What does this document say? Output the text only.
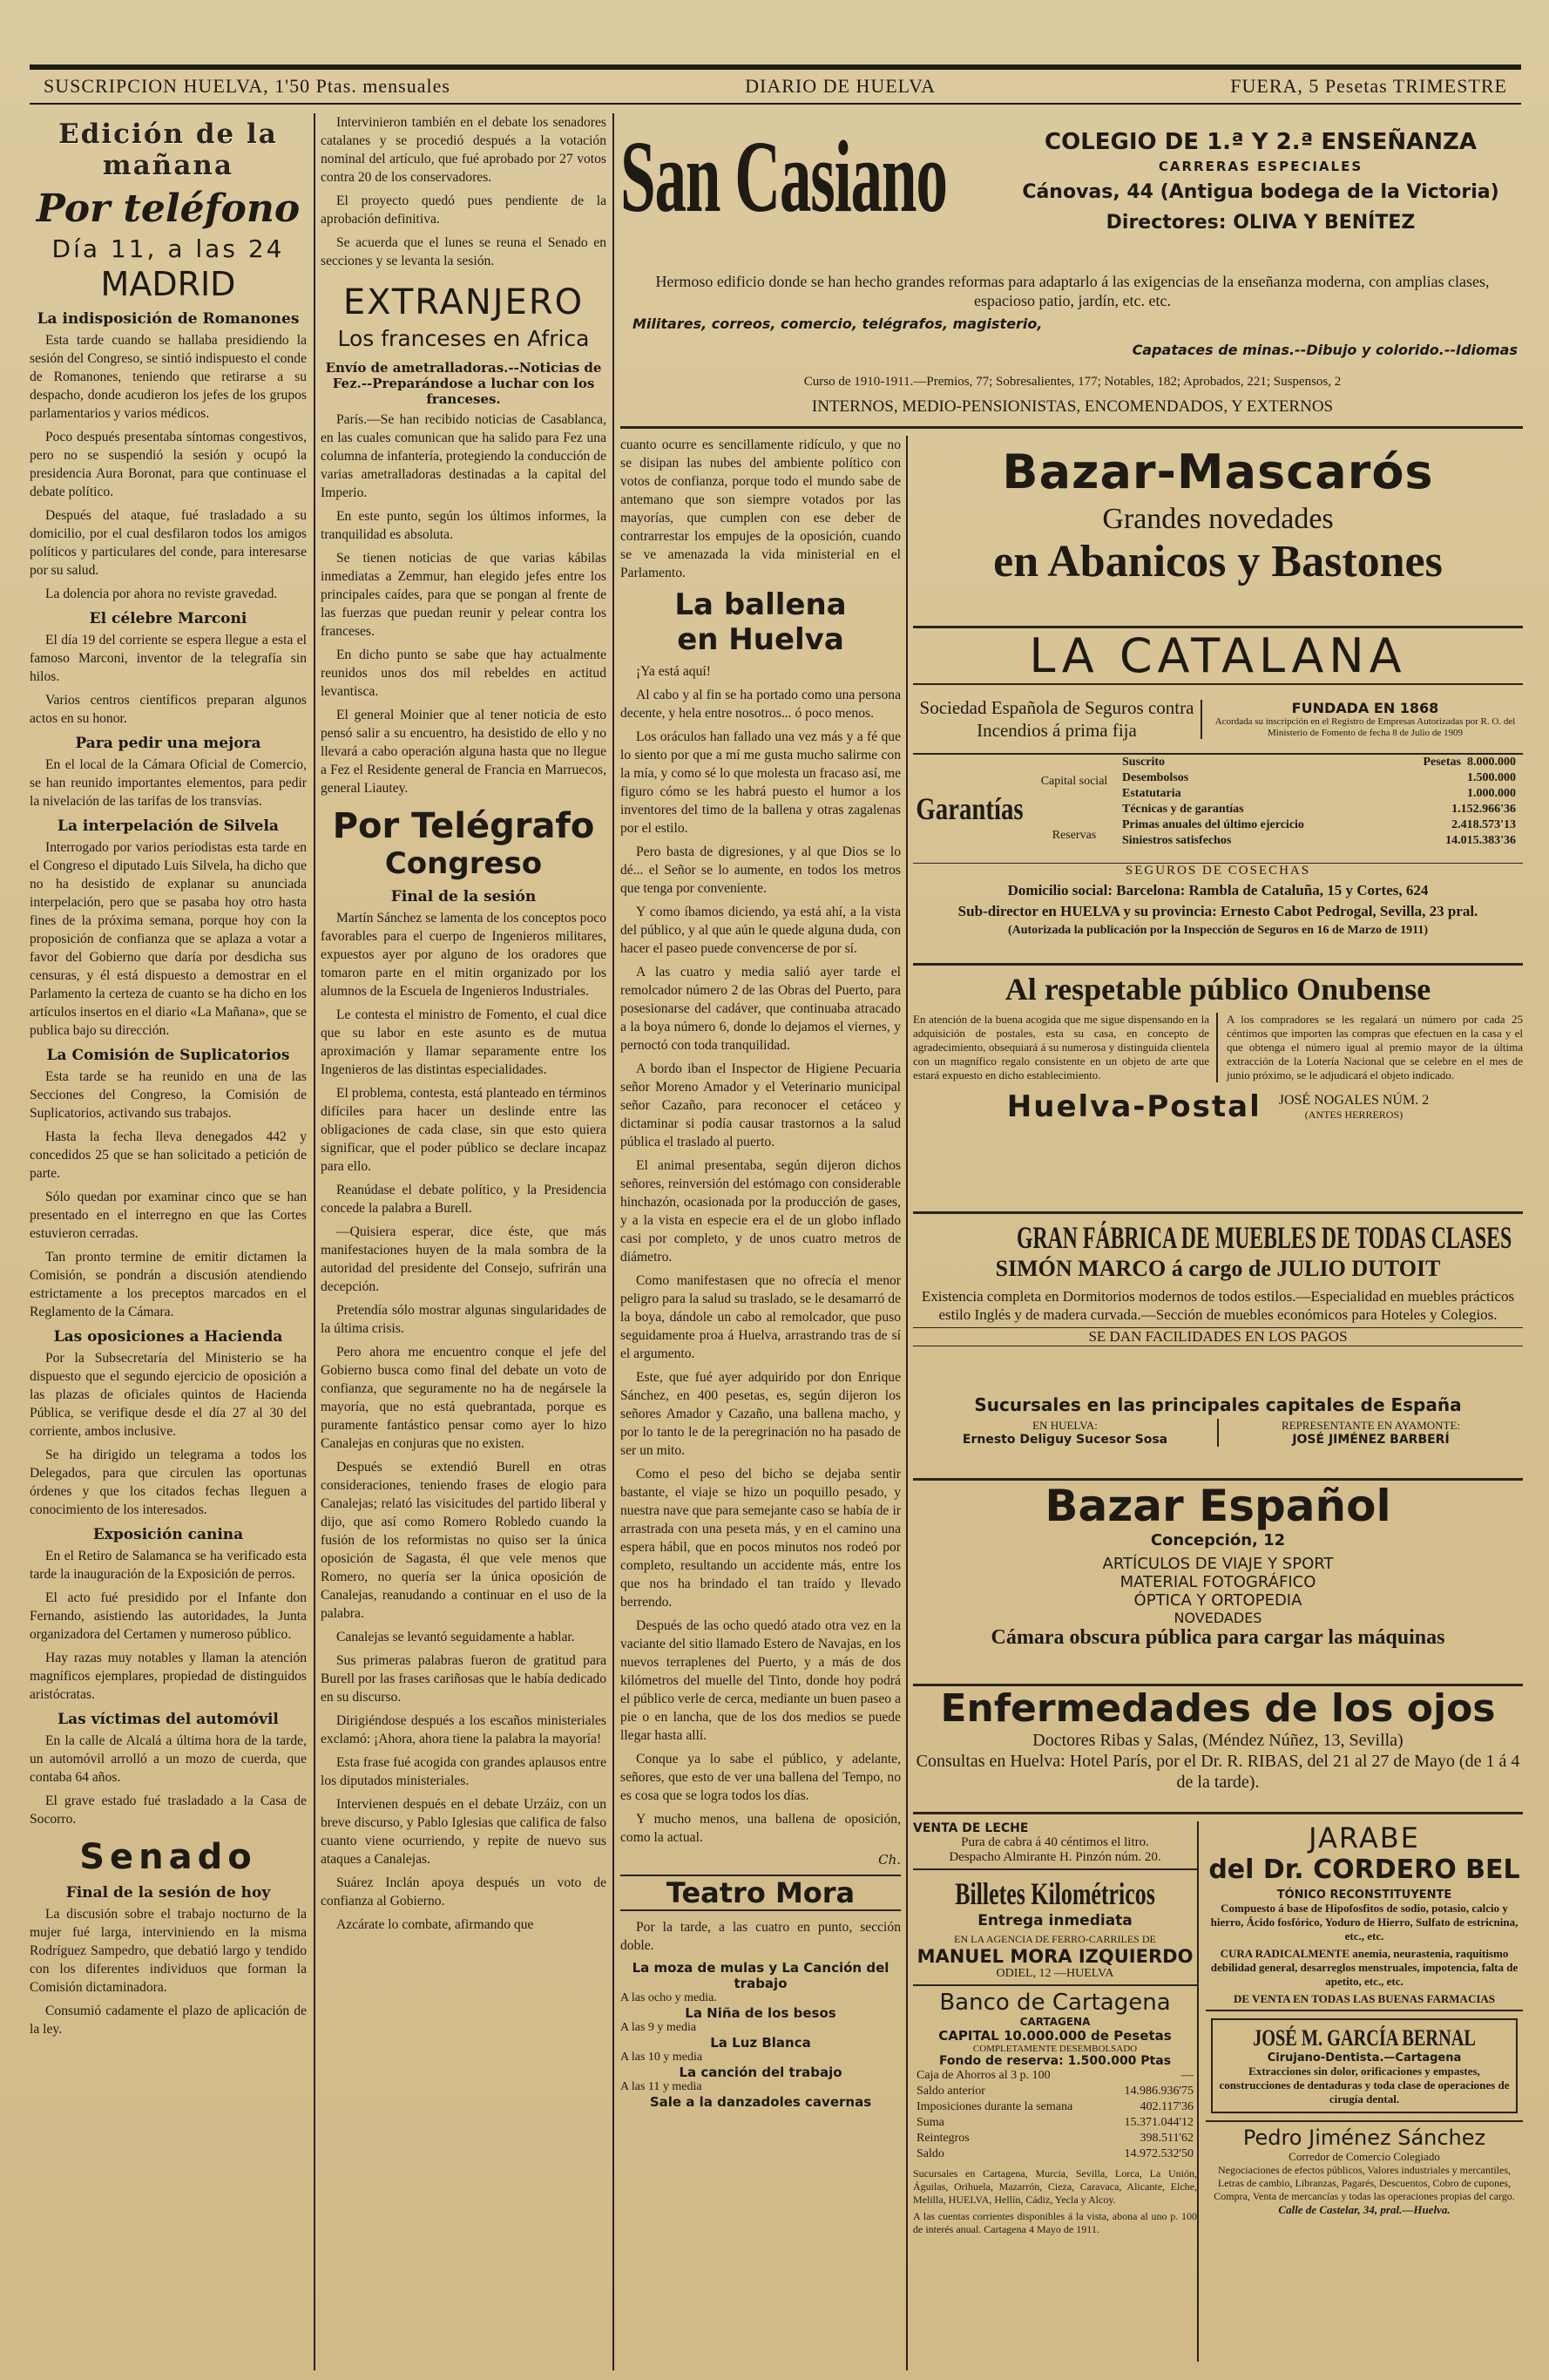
SUSCRIPCION HUELVA, 1'50 Ptas. mensuales	DIARIO DE HUELVA	FUERA, 5 Pesetas TRIMESTRE
Edición de la mañana
Por teléfono
Día 11, a las 24
MADRID
La indisposición de Romanones

Esta tarde cuando se hallaba presidiendo la sesión del Congreso, se sintió indispuesto el conde de Romanones, teniendo que retirarse a su despacho, donde acudieron los jefes de los grupos parlamentarios y varios médicos.

Poco después presentaba síntomas congestivos, pero no se suspendió la sesión y ocupó la presidencia Aura Boronat, para que continuase el debate político.

Después del ataque, fué trasladado a su domicilio, por el cual desfilaron todos los amigos políticos y particulares del conde, para interesarse por su salud.

La dolencia por ahora no reviste gravedad.

El célebre Marconi

El día 19 del corriente se espera llegue a esta el famoso Marconi, inventor de la telegrafía sin hilos.

Varios centros científicos preparan algunos actos en su honor.

Para pedir una mejora

En el local de la Cámara Oficial de Comercio, se han reunido importantes elementos, para pedir la nivelación de las tarifas de los transvías.

La interpelación de Silvela

Interrogado por varios periodistas esta tarde en el Congreso el diputado Luis Silvela, ha dicho que no ha desistido de explanar su anunciada interpelación, pero que se pasaba hoy otro hasta fines de la próxima semana, porque hoy con la proposición de confianza que se aplaza a votar a favor del Gobierno que daría por desdicha sus censuras, y él está dispuesto a demostrar en el Parlamento la certeza de cuanto se ha dicho en los artículos insertos en el diario «La Mañana», que se publica bajo su dirección.

La Comisión de Suplicatorios

Esta tarde se ha reunido en una de las Secciones del Congreso, la Comisión de Suplicatorios, activando sus trabajos.

Hasta la fecha lleva denegados 442 y concedidos 25 que se han solicitado a petición de parte.

Sólo quedan por examinar cinco que se han presentado en el interregno en que las Cortes estuvieron cerradas.

Tan pronto termine de emitir dictamen la Comisión, se pondrán a discusión atendiendo estrictamente a los preceptos marcados en el Reglamento de la Cámara.

Las oposiciones a Hacienda

Por la Subsecretaría del Ministerio se ha dispuesto que el segundo ejercicio de oposición a las plazas de oficiales quintos de Hacienda Pública, se verifique desde el día 27 al 30 del corriente, ambos inclusive.

Se ha dirigido un telegrama a todos los Delegados, para que circulen las oportunas órdenes y que los citados fechas lleguen a conocimiento de los interesados.

Exposición canina

En el Retiro de Salamanca se ha verificado esta tarde la inauguración de la Exposición de perros.

El acto fué presidido por el Infante don Fernando, asistiendo las autoridades, la Junta organizadora del Certamen y numeroso público.

Hay razas muy notables y llaman la atención magníficos ejemplares, propiedad de distinguidos aristócratas.

Las víctimas del automóvil

En la calle de Alcalá a última hora de la tarde, un automóvil arrolló a un mozo de cuerda, que contaba 64 años.

El grave estado fué trasladado a la Casa de Socorro.

Senado
Final de la sesión de hoy

La discusión sobre el trabajo nocturno de la mujer fué larga, interviniendo en la misma Rodríguez Sampedro, que debatió largo y tendido con los diferentes individuos que forman la Comisión dictaminadora.

Consumió cadamente el plazo de aplicación de la ley.

Intervinieron también en el debate los senadores catalanes y se procedió después a la votación nominal del artículo, que fué aprobado por 27 votos contra 20 de los conservadores.

El proyecto quedó pues pendiente de la aprobación definitiva.

Se acuerda que el lunes se reuna el Senado en secciones y se levanta la sesión.

EXTRANJERO
Los franceses en Africa
Envío de ametralladoras.--Noticias de Fez.--Preparándose a luchar con los franceses.

París.—Se han recibido noticias de Casablanca, en las cuales comunican que ha salido para Fez una columna de infantería, protegiendo la conducción de varias ametralladoras destinadas a la capital del Imperio.

En este punto, según los últimos informes, la tranquilidad es absoluta.

Se tienen noticias de que varias kábilas inmediatas a Zemmur, han elegido jefes entre los principales caídes, para que se pongan al frente de las fuerzas que puedan reunir y pelear contra los franceses.

En dicho punto se sabe que hay actualmente reunidos unos dos mil rebeldes en actitud levantisca.

El general Moinier que al tener noticia de esto pensó salir a su encuentro, ha desistido de ello y no llevará a cabo operación alguna hasta que no llegue a Fez el Residente general de Francia en Marruecos, general Liautey.

Por Telégrafo
Congreso
Final de la sesión

Martín Sánchez se lamenta de los conceptos poco favorables para el cuerpo de Ingenieros militares, expuestos ayer por alguno de los oradores que tomaron parte en el mitin organizado por los alumnos de la Escuela de Ingenieros Industriales.

Le contesta el ministro de Fomento, el cual dice que su labor en este asunto es de mutua aproximación y llamar separamente entre los Ingenieros de las distintas especialidades.

El problema, contesta, está planteado en términos difíciles para hacer un deslinde entre las obligaciones de cada clase, sin que esto quiera significar, que el poder público se declare incapaz para ello.

Reanúdase el debate político, y la Presidencia concede la palabra a Burell.

—Quisiera esperar, dice éste, que más manifestaciones huyen de la mala sombra de la autoridad del presidente del Consejo, sufrirán una decepción.

Pretendía sólo mostrar algunas singularidades de la última crisis.

Pero ahora me encuentro conque el jefe del Gobierno busca como final del debate un voto de confianza, que seguramente no ha de negársele la mayoría, que no está quebrantada, porque es puramente fantástico pensar como ayer lo hizo Canalejas en conjuras que no existen.

Después se extendió Burell en otras consideraciones, teniendo frases de elogio para Canalejas; relató las visicitudes del partido liberal y dijo, que así como Romero Robledo cuando la fusión de los reformistas no quiso ser la única oposición de Sagasta, él que vele menos que Romero, no quería ser la única oposición de Canalejas, reanudando a continuar en el uso de la palabra.

Canalejas se levantó seguidamente a hablar.

Sus primeras palabras fueron de gratitud para Burell por las frases cariñosas que le había dedicado en su discurso.

Dirigiéndose después a los escaños ministeriales exclamó: ¡Ahora, ahora tiene la palabra la mayoría!

Esta frase fué acogida con grandes aplausos entre los diputados ministeriales.

Intervienen después en el debate Urzáiz, con un breve discurso, y Pablo Iglesias que califica de falso cuanto viene ocurriendo, y repite de nuevo sus ataques a Canalejas.

Suárez Inclán apoya después un voto de confianza al Gobierno.

Azcárate lo combate, afirmando que

San Casiano	COLEGIO DE 1.ª Y 2.ª ENSEÑANZA
CARRERAS ESPECIALES
Cánovas, 44 (Antigua bodega de la Victoria)
Directores: OLIVA Y BENÍTEZ
Hermoso edificio donde se han hecho grandes reformas para adaptarlo á las exigencias de la enseñanza moderna, con amplias clases, espacioso patio, jardín, etc. etc.
Militares, correos, comercio, telégrafos, magisterio,
Capataces de minas.--Dibujo y colorido.--Idiomas
Curso de 1910-1911.—Premios, 77; Sobresalientes, 177; Notables, 182; Aprobados, 221; Suspensos, 2
INTERNOS, MEDIO-PENSIONISTAS, ENCOMENDADOS, Y EXTERNOS

cuanto ocurre es sencillamente ridículo, y que no se disipan las nubes del ambiente político con votos de confianza, porque todo el mundo sabe de antemano que son siempre votados por las mayorías, que cumplen con ese deber de contrarrestar los empujes de la oposición, cuando se ve amenazada la vida ministerial en el Parlamento.

La ballena
en Huelva

¡Ya está aquí!

Al cabo y al fin se ha portado como una persona decente, y hela entre nosotros... ó poco menos.

Los oráculos han fallado una vez más y a fé que lo siento por que a mí me gusta mucho salirme con la mía, y como sé lo que molesta un fracaso así, me figuro cómo se les habrá puesto el humor a los inventores del timo de la ballena y otras zagalenas por el estilo.

Pero basta de digresiones, y al que Dios se lo dé... el Señor se lo aumente, en todos los metros que tenga por conveniente.

Y como íbamos diciendo, ya está ahí, a la vista del público, y al que aún le quede alguna duda, con hacer el paseo puede convencerse de por sí.

A las cuatro y media salió ayer tarde el remolcador número 2 de las Obras del Puerto, para posesionarse del cadáver, que continuaba atracado a la boya número 6, donde lo dejamos el viernes, y pernoctó con toda tranquilidad.

A bordo iban el Inspector de Higiene Pecuaria señor Moreno Amador y el Veterinario municipal señor Cazaño, para reconocer el cetáceo y dictaminar si podía causar trastornos a la salud pública el traslado al puerto.

El animal presentaba, según dijeron dichos señores, reinversión del estómago con considerable hinchazón, ocasionada por la producción de gases, y a la vista en especie era el de un globo inflado casi por completo, y de unos cuatro metros de diámetro.

Como manifestasen que no ofrecía el menor peligro para la salud su traslado, se le desamarró de la boya, dándole un cabo al remolcador, que puso seguidamente proa á Huelva, arrastrando tras de sí el argumento.

Este, que fué ayer adquirido por don Enrique Sánchez, en 400 pesetas, es, según dijeron los señores Amador y Cazaño, una ballena macho, y por lo tanto le de la peregrinación no ha pasado de ser un mito.

Como el peso del bicho se dejaba sentir bastante, el viaje se hizo un poquillo pesado, y nuestra nave que para semejante caso se había de ir arrastrada con una peseta más, y en el camino una espera hábil, que en pocos minutos nos rodeó por completo, resultando un accidente más, entre los que nos ha brindado el tan traído y llevado berrendo.

Después de las ocho quedó atado otra vez en la vaciante del sitio llamado Estero de Navajas, en los nuevos terraplenes del Puerto, y a más de dos kilómetros del muelle del Tinto, donde hoy podrá el público verle de cerca, mediante un buen paseo a pie o en lancha, que de los dos medios se puede llegar hasta allí.

Conque ya lo sabe el público, y adelante, señores, que esto de ver una ballena del Tempo, no es cosa que se logra todos los días.

Y mucho menos, una ballena de oposición, como la actual.

Ch.
Teatro Mora

Por la tarde, a las cuatro en punto, sección doble.

La moza de mulas y La Canción del trabajo
A las ocho y media.
La Niña de los besos
A las 9 y media
La Luz Blanca
A las 10 y media
La canción del trabajo
A las 11 y media
Sale a la danzadoles cavernas
Bazar-Mascarós
Grandes novedades
en Abanicos y Bastones
LA CATALANA
Sociedad Española de Seguros contra Incendios á prima fija
FUNDADA EN 1868
Acordada su inscripción en el Registro de Empresas Autorizadas por R. O. del Ministerio de Fomento de fecha 8 de Julio de 1909
Garantías
Capital social
Reservas
Suscrito	Pesetas 8.000.000
Desembolsos	1.500.000
Estatutaria	1.000.000
Técnicas y de garantías	1.152.966'36
Primas anuales del último ejercicio	2.418.573'13
Siniestros satisfechos	14.015.383'36
SEGUROS DE COSECHAS
Domicilio social: Barcelona: Rambla de Cataluña, 15 y Cortes, 624
Sub-director en HUELVA y su provincia: Ernesto Cabot Pedrogal, Sevilla, 23 pral.
(Autorizada la publicación por la Inspección de Seguros en 16 de Marzo de 1911)
Al respetable público Onubense
En atención de la buena acogida que me sigue dispensando en la adquisición de postales, esta su casa, en concepto de agradecimiento, obsequiará á su numerosa y distinguida clientela con un magnífico regalo consistente en un objeto de arte que estará expuesto en dicho establecimiento.
A los compradores se les regalará un número por cada 25 céntimos que importen las compras que efectuen en la casa y el que obtenga el número igual al premio mayor de la última extracción de la Lotería Nacional que se celebre en el mes de junio próximo, se le adjudicará el objeto indicado.
Huelva-Postal JOSÉ NOGALES NÚM. 2
(ANTES HERREROS)
GRAN FÁBRICA DE MUEBLES DE TODAS CLASES
SIMÓN MARCO á cargo de JULIO DUTOIT
Existencia completa en Dormitorios modernos de todos estilos.—Especialidad en muebles prácticos estilo Inglés y de madera curvada.—Sección de muebles económicos para Hoteles y Colegios.
SE DAN FACILIDADES EN LOS PAGOS
Sucursales en las principales capitales de España
EN HUELVA:
Ernesto Deliguy Sucesor Sosa
REPRESENTANTE EN AYAMONTE:
JOSÉ JIMÉNEZ BARBERÍ
Bazar Español
Concepción, 12
ARTÍCULOS DE VIAJE Y SPORT
MATERIAL FOTOGRÁFICO
ÓPTICA Y ORTOPEDIA
NOVEDADES
Cámara obscura pública para cargar las máquinas
Enfermedades de los ojos
Doctores Ribas y Salas, (Méndez Núñez, 13, Sevilla)
Consultas en Huelva: Hotel París, por el Dr. R. RIBAS, del 21 al 27 de Mayo (de 1 á 4 de la tarde).
VENTA DE LECHE
Pura de cabra á 40 céntimos el litro.
Despacho Almirante H. Pinzón núm. 20.
Billetes Kilométricos
Entrega inmediata
EN LA AGENCIA DE FERRO-CARRILES DE
MANUEL MORA IZQUIERDO
ODIEL, 12 —HUELVA
Banco de Cartagena
CARTAGENA
CAPITAL 10.000.000 de Pesetas
COMPLETAMENTE DESEMBOLSADO
Fondo de reserva: 1.500.000 Ptas
Caja de Ahorros al 3 p. 100	—
Saldo anterior	14.986.936'75
Imposiciones durante la semana	402.117'36
Suma	15.371.044'12
Reintegros	398.511'62
Saldo	14.972.532'50
Sucursales en Cartagena, Murcia, Sevilla, Lorca, La Unión, Águilas, Orihuela, Mazarrón, Cieza, Caravaca, Alicante, Elche, Melilla, HUELVA, Hellín, Cádiz, Yecla y Alcoy.
A las cuentas corrientes disponibles á la vista, abona al uno p. 100 de interés anual. Cartagena 4 Mayo de 1911.
JARABE
del Dr. CORDERO BEL
TÓNICO RECONSTITUYENTE
Compuesto á base de Hipofosfitos de sodio, potasio, calcio y hierro, Ácido fosfórico, Yoduro de Hierro, Sulfato de estricnina, etc., etc.
CURA RADICALMENTE anemia, neurastenia, raquitismo debilidad general, desarreglos menstruales, impotencia, falta de apetito, etc., etc.
DE VENTA EN TODAS LAS BUENAS FARMACIAS
JOSÉ M. GARCÍA BERNAL
Cirujano-Dentista.—Cartagena
Extracciones sin dolor, orificaciones y empastes, construcciones de dentaduras y toda clase de operaciones de cirugía dental.
Pedro Jiménez Sánchez
Corredor de Comercio Colegiado
Negociaciones de efectos públicos, Valores industriales y mercantiles, Letras de cambio, Libranzas, Pagarés, Descuentos, Cobro de cupones, Compra, Venta de mercancías y todas las operaciones propias del cargo.
Calle de Castelar, 34, pral.—Huelva.
